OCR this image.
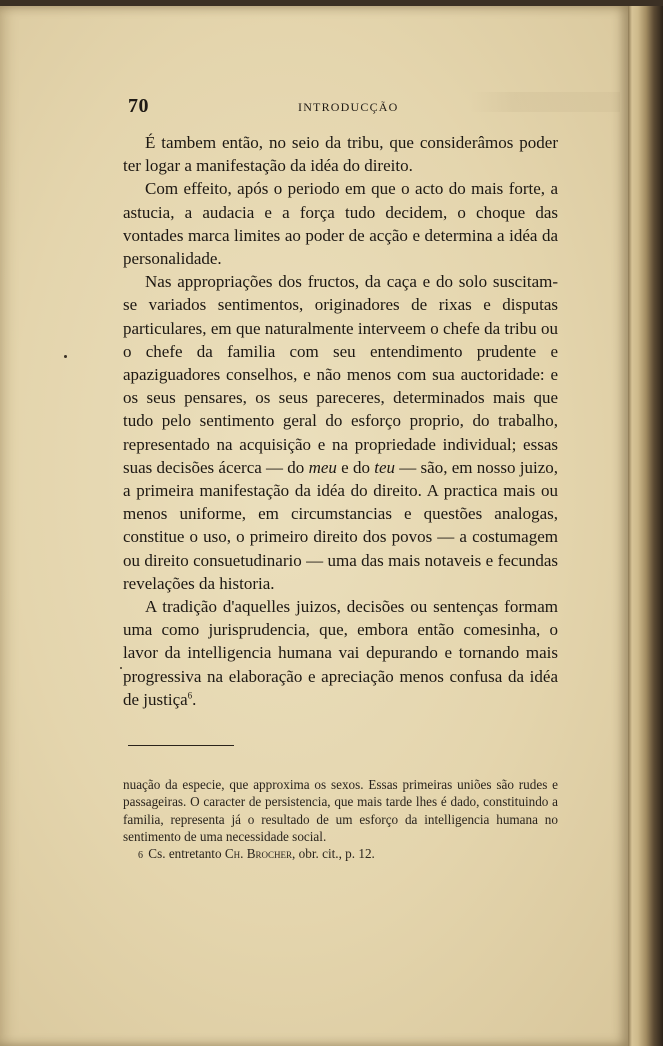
70	INTRODUCÇÃO

É tambem então, no seio da tribu, que considerâmos poder ter logar a manifestação da idéa do direito.

Com effeito, após o periodo em que o acto do mais forte, a astucia, a audacia e a força tudo decidem, o choque das vontades marca limites ao poder de acção e determina a idéa da personalidade.

Nas appropriações dos fructos, da caça e do solo suscitam-se variados sentimentos, originadores de rixas e disputas particulares, em que naturalmente interveem o chefe da tribu ou o chefe da familia com seu entendimento prudente e apaziguadores conselhos, e não menos com sua auctoridade: e os seus pensares, os seus pareceres, determinados mais que tudo pelo sentimento geral do esforço proprio, do trabalho, representado na acquisição e na propriedade individual; essas suas decisões ácerca — do meu e do teu — são, em nosso juizo, a primeira manifestação da idéa do direito. A practica mais ou menos uniforme, em circumstancias e questões analogas, constitue o uso, o primeiro direito dos povos — a costumagem ou direito consuetudinario — uma das mais notaveis e fecundas revelações da historia.

A tradição d'aquelles juizos, decisões ou sentenças formam uma como jurisprudencia, que, embora então comesinha, o lavor da intelligencia humana vai depurando e tornando mais progressiva na elaboração e apreciação menos confusa da idéa de justiça$^6$.

nuação da especie, que approxima os sexos. Essas primeiras uniões são rudes e passageiras. O caracter de persistencia, que mais tarde lhes é dado, constituindo a familia, representa já o resultado de um esforço da intelligencia humana no sentimento de uma necessidade social.

6 Cs. entretanto Ch. Brocher, obr. cit., p. 12.
